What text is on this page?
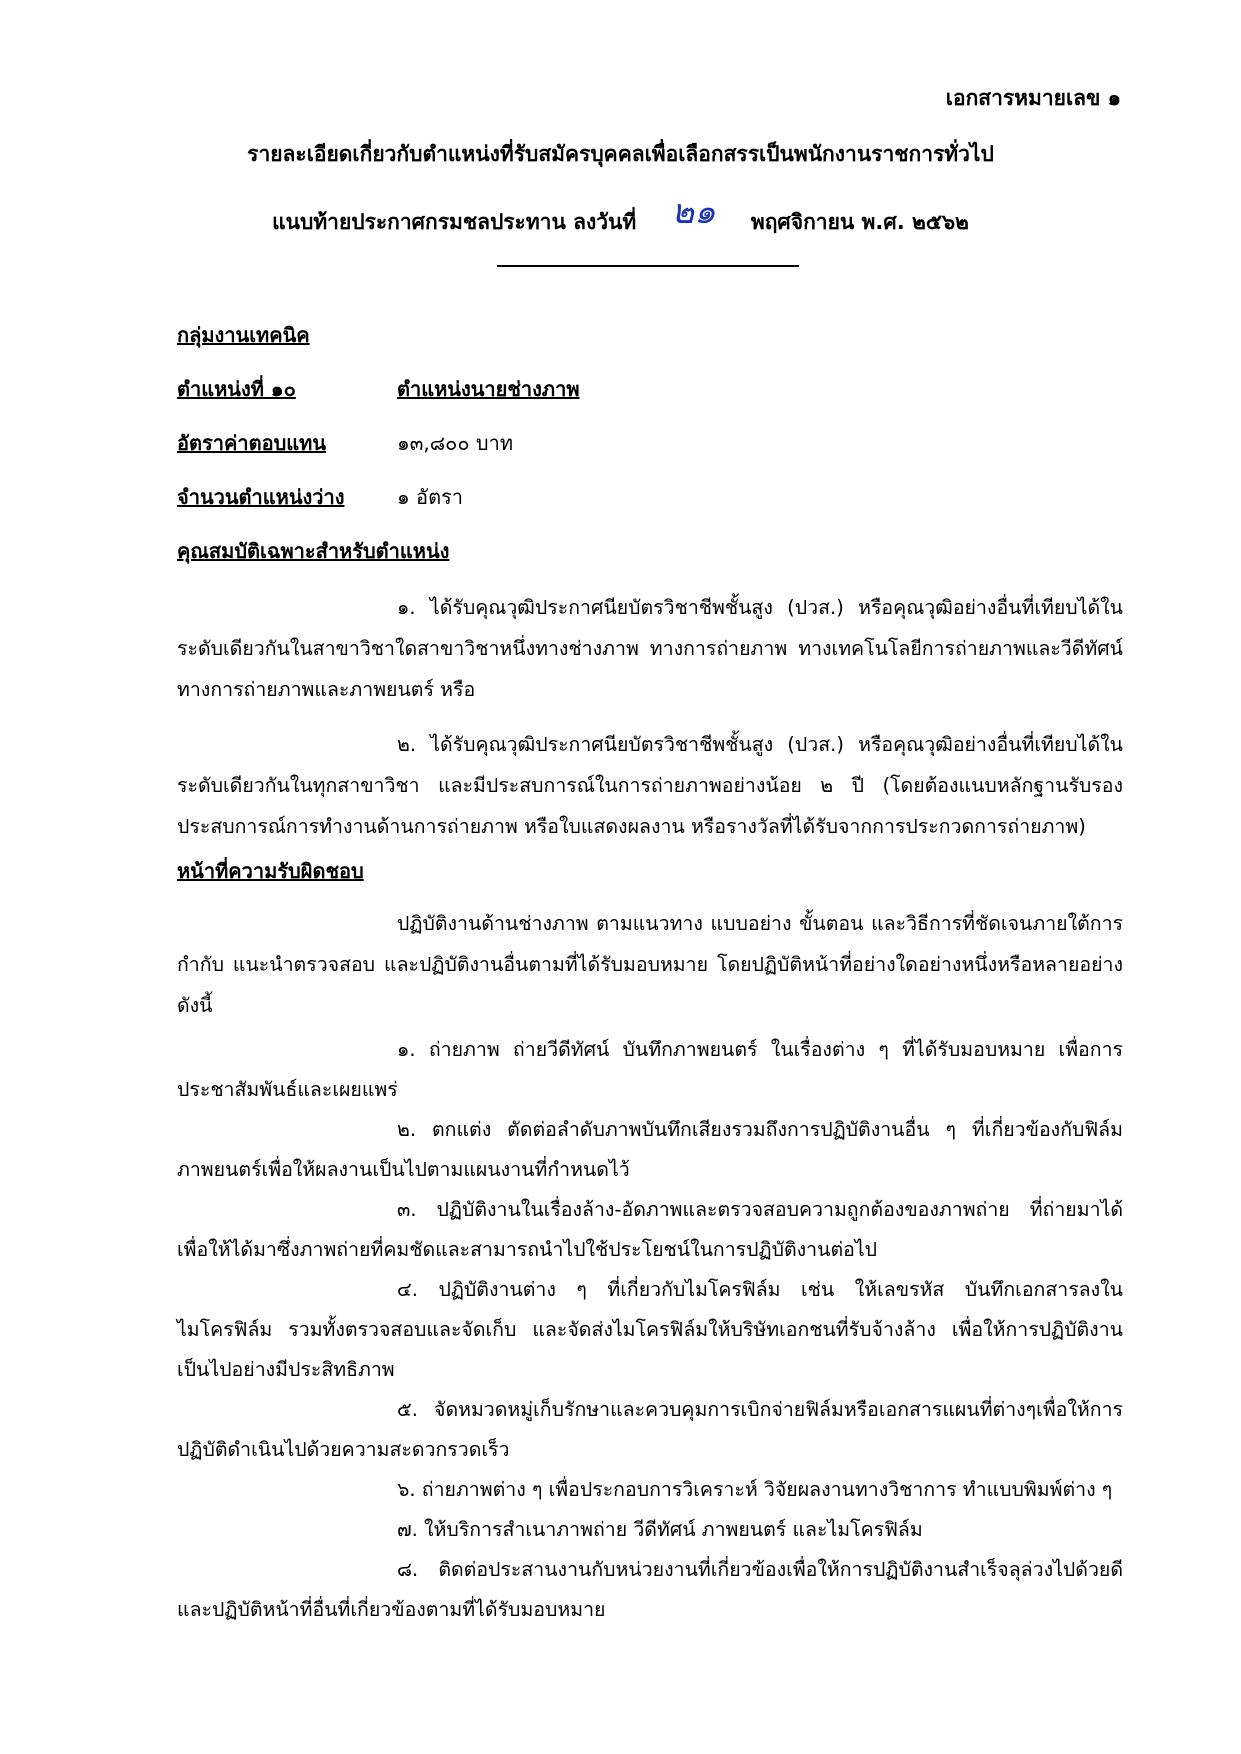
เอกสารหมายเลข ๑
รายละเอียดเกี่ยวกับตำแหน่งที่รับสมัครบุคคลเพื่อเลือกสรรเป็นพนักงานราชการทั่วไป
แนบท้ายประกาศกรมชลประทาน ลงวันที่ ๒๑ พฤศจิกายน พ.ศ. ๒๕๖๒
กลุ่มงานเทคนิค
ตำแหน่งที่ ๑๐	ตำแหน่งนายช่างภาพ
อัตราค่าตอบแทน	๑๓,๘๐๐ บาท
จำนวนตำแหน่งว่าง	๑ อัตรา
คุณสมบัติเฉพาะสำหรับตำแหน่ง

๑. ได้รับคุณวุฒิประกาศนียบัตรวิชาชีพชั้นสูง (ปวส.) หรือคุณวุฒิอย่างอื่นที่เทียบได้ในระดับเดียวกันในสาขาวิชาใดสาขาวิชาหนึ่งทางช่างภาพ ทางการถ่ายภาพ ทางเทคโนโลยีการถ่ายภาพและวีดีทัศน์ ทางการถ่ายภาพและภาพยนตร์ หรือ

๒. ได้รับคุณวุฒิประกาศนียบัตรวิชาชีพชั้นสูง (ปวส.) หรือคุณวุฒิอย่างอื่นที่เทียบได้ในระดับเดียวกันในทุกสาขาวิชา และมีประสบการณ์ในการถ่ายภาพอย่างน้อย ๒ ปี (โดยต้องแนบหลักฐานรับรองประสบการณ์การทำงานด้านการถ่ายภาพ หรือใบแสดงผลงาน หรือรางวัลที่ได้รับจากการประกวดการถ่ายภาพ)

หน้าที่ความรับผิดชอบ

ปฏิบัติงานด้านช่างภาพ ตามแนวทาง แบบอย่าง ขั้นตอน และวิธีการที่ชัดเจนภายใต้การกำกับ แนะนำตรวจสอบ และปฏิบัติงานอื่นตามที่ได้รับมอบหมาย โดยปฏิบัติหน้าที่อย่างใดอย่างหนึ่งหรือหลายอย่าง ดังนี้

๑. ถ่ายภาพ ถ่ายวีดีทัศน์ บันทึกภาพยนตร์ ในเรื่องต่าง ๆ ที่ได้รับมอบหมาย เพื่อการประชาสัมพันธ์และเผยแพร่

๒. ตกแต่ง ตัดต่อลำดับภาพบันทึกเสียงรวมถึงการปฏิบัติงานอื่น ๆ ที่เกี่ยวข้องกับฟิล์มภาพยนตร์เพื่อให้ผลงานเป็นไปตามแผนงานที่กำหนดไว้

๓. ปฏิบัติงานในเรื่องล้าง-อัดภาพและตรวจสอบความถูกต้องของภาพถ่าย ที่ถ่ายมาได้เพื่อให้ได้มาซึ่งภาพถ่ายที่คมชัดและสามารถนำไปใช้ประโยชน์ในการปฏิบัติงานต่อไป

๔. ปฏิบัติงานต่าง ๆ ที่เกี่ยวกับไมโครฟิล์ม เช่น ให้เลขรหัส บันทึกเอกสารลงในไมโครฟิล์ม รวมทั้งตรวจสอบและจัดเก็บ และจัดส่งไมโครฟิล์มให้บริษัทเอกชนที่รับจ้างล้าง เพื่อให้การปฏิบัติงานเป็นไปอย่างมีประสิทธิภาพ

๕. จัดหมวดหมู่เก็บรักษาและควบคุมการเบิกจ่ายฟิล์มหรือเอกสารแผนที่ต่างๆเพื่อให้การปฏิบัติดำเนินไปด้วยความสะดวกรวดเร็ว

๖. ถ่ายภาพต่าง ๆ เพื่อประกอบการวิเคราะห์ วิจัยผลงานทางวิชาการ ทำแบบพิมพ์ต่าง ๆ

๗. ให้บริการสำเนาภาพถ่าย วีดีทัศน์ ภาพยนตร์ และไมโครฟิล์ม

๘. ติดต่อประสานงานกับหน่วยงานที่เกี่ยวข้องเพื่อให้การปฏิบัติงานสำเร็จลุล่วงไปด้วยดี และปฏิบัติหน้าที่อื่นที่เกี่ยวข้องตามที่ได้รับมอบหมาย
